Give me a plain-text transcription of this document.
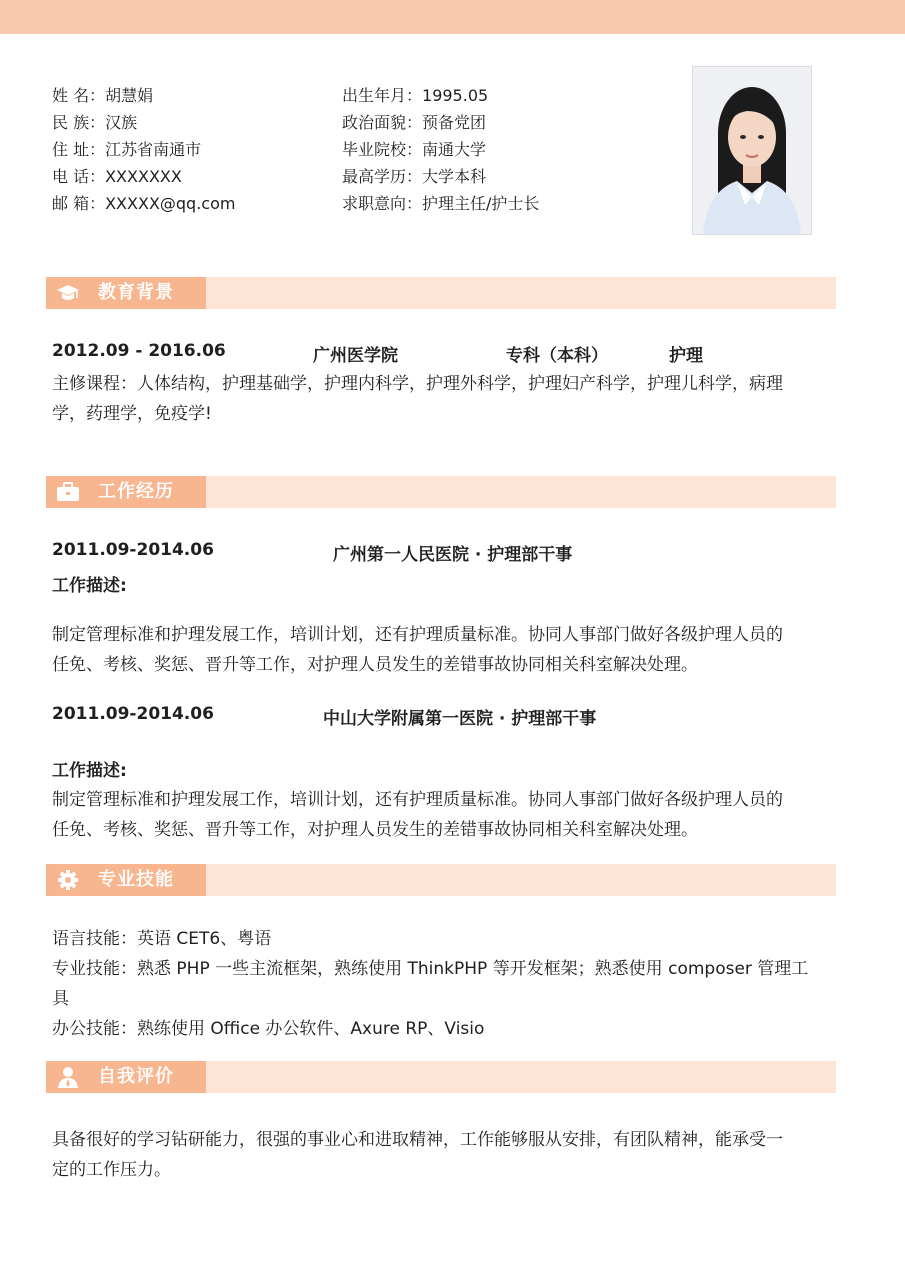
姓 名：胡慧娟
民 族：汉族
住 址：江苏省南通市
电 话：XXXXXXX
邮 箱：XXXXX@qq.com
出生年月：1995.05
政治面貌：预备党团
毕业院校：南通大学
最高学历：大学本科
求职意向：护理主任/护士长
教育背景
2012.09 - 2016.06	广州医学院	专科（本科）	护理
主修课程：人体结构，护理基础学，护理内科学，护理外科学，护理妇产科学，护理儿科学，病理
学，药理学，免疫学!
工作经历
2011.09-2014.06	广州第一人民医院 · 护理部干事
工作描述:
制定管理标准和护理发展工作，培训计划，还有护理质量标准。协同人事部门做好各级护理人员的
任免、考核、奖惩、晋升等工作，对护理人员发生的差错事故协同相关科室解决处理。
2011.09-2014.06	中山大学附属第一医院 · 护理部干事
工作描述:
制定管理标准和护理发展工作，培训计划，还有护理质量标准。协同人事部门做好各级护理人员的
任免、考核、奖惩、晋升等工作，对护理人员发生的差错事故协同相关科室解决处理。
专业技能
语言技能：英语 CET6、粤语
专业技能：熟悉 PHP 一些主流框架，熟练使用 ThinkPHP 等开发框架；熟悉使用 composer 管理工
具
办公技能：熟练使用 Office 办公软件、Axure RP、Visio
自我评价
具备很好的学习钻研能力，很强的事业心和进取精神，工作能够服从安排，有团队精神，能承受一
定的工作压力。
